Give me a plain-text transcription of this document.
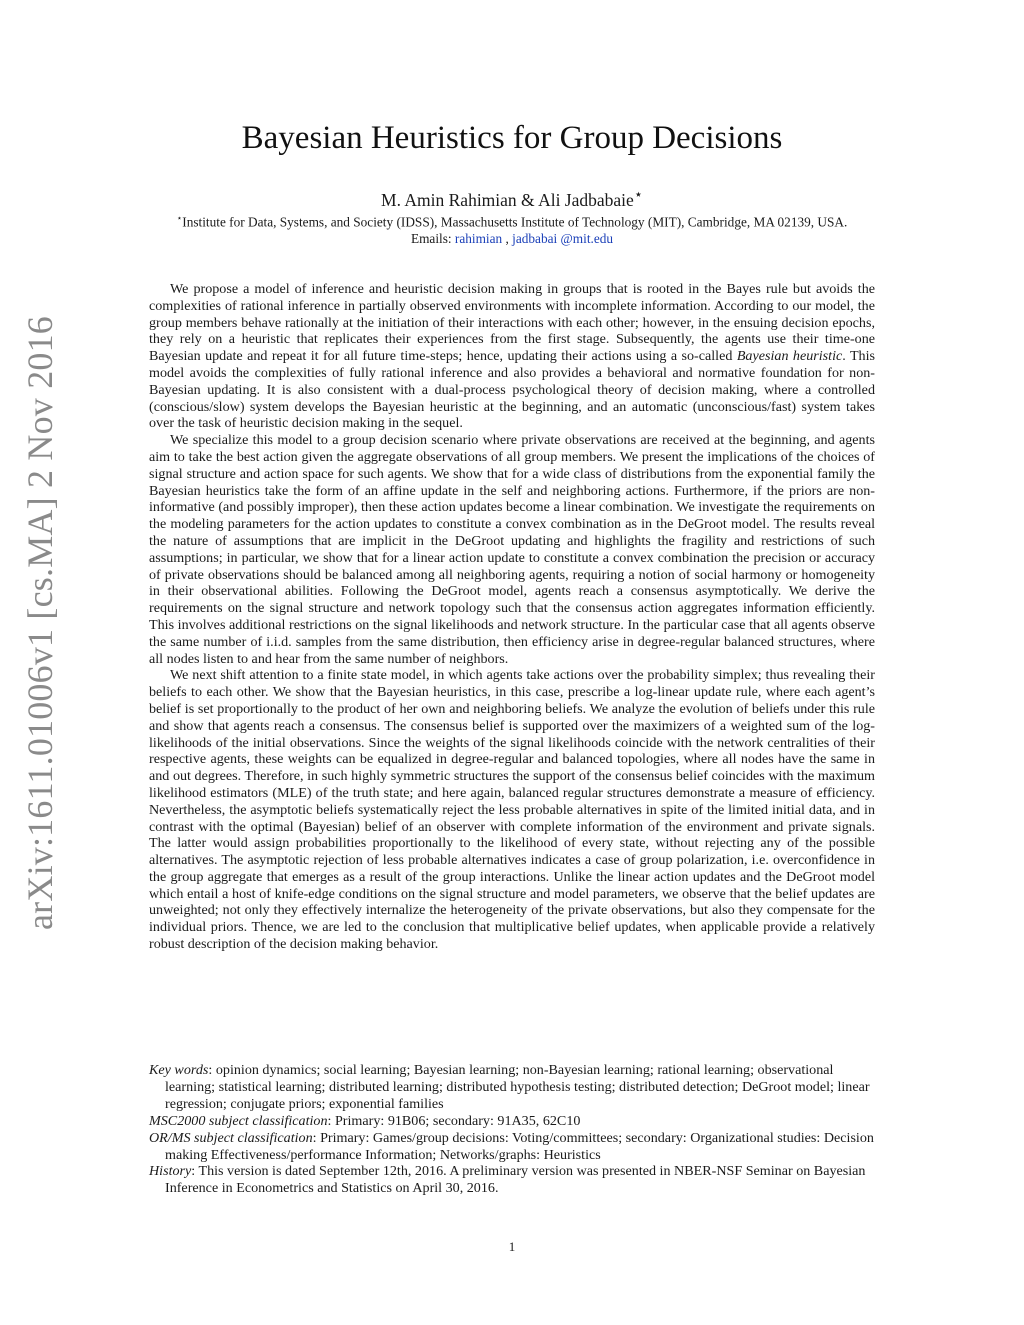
arXiv:1611.01006v1 [cs.MA] 2 Nov 2016
Bayesian Heuristics for Group Decisions
M. Amin Rahimian & Ali Jadbabaie⋆
⋆Institute for Data, Systems, and Society (IDSS), Massachusetts Institute of Technology (MIT), Cambridge, MA 02139, USA.
Emails: rahimian , jadbabai @mit.edu

We propose a model of inference and heuristic decision making in groups that is rooted in the Bayes rule but avoids the complexities of rational inference in partially observed environments with incomplete information. According to our model, the group members behave rationally at the initiation of their interactions with each other; however, in the ensuing decision epochs, they rely on a heuristic that replicates their experiences from the first stage. Subsequently, the agents use their time-one Bayesian update and repeat it for all future time-steps; hence, updating their actions using a so-called Bayesian heuristic. This model avoids the complexities of fully rational inference and also provides a behavioral and normative foundation for non-Bayesian updating. It is also consistent with a dual-process psychological theory of decision making, where a controlled (conscious/slow) system develops the Bayesian heuristic at the beginning, and an automatic (unconscious/fast) system takes over the task of heuristic decision making in the sequel.

We specialize this model to a group decision scenario where private observations are received at the beginning, and agents aim to take the best action given the aggregate observations of all group members. We present the implications of the choices of signal structure and action space for such agents. We show that for a wide class of distributions from the exponential family the Bayesian heuristics take the form of an affine update in the self and neighboring actions. Furthermore, if the priors are non-informative (and possibly improper), then these action updates become a linear combination. We investigate the requirements on the modeling parameters for the action updates to constitute a convex combination as in the DeGroot model. The results reveal the nature of assumptions that are implicit in the DeGroot updating and highlights the fragility and restrictions of such assumptions; in particular, we show that for a linear action update to constitute a convex combination the precision or accuracy of private observations should be balanced among all neighboring agents, requiring a notion of social harmony or homogeneity in their observational abilities. Following the DeGroot model, agents reach a consensus asymptotically. We derive the requirements on the signal structure and network topology such that the consensus action aggregates information efficiently. This involves additional restrictions on the signal likelihoods and network structure. In the particular case that all agents observe the same number of i.i.d. samples from the same distribution, then efficiency arise in degree-regular balanced structures, where all nodes listen to and hear from the same number of neighbors.

We next shift attention to a finite state model, in which agents take actions over the probability simplex; thus revealing their beliefs to each other. We show that the Bayesian heuristics, in this case, prescribe a log-linear update rule, where each agent’s belief is set proportionally to the product of her own and neighboring beliefs. We analyze the evolution of beliefs under this rule and show that agents reach a consensus. The consensus belief is supported over the maximizers of a weighted sum of the log-likelihoods of the initial observations. Since the weights of the signal likelihoods coincide with the network centralities of their respective agents, these weights can be equalized in degree-regular and balanced topologies, where all nodes have the same in and out degrees. Therefore, in such highly symmetric structures the support of the consensus belief coincides with the maximum likelihood estimators (MLE) of the truth state; and here again, balanced regular structures demonstrate a measure of efficiency. Nevertheless, the asymptotic beliefs systematically reject the less probable alternatives in spite of the limited initial data, and in contrast with the optimal (Bayesian) belief of an observer with complete information of the environment and private signals. The latter would assign probabilities proportionally to the likelihood of every state, without rejecting any of the possible alternatives. The asymptotic rejection of less probable alternatives indicates a case of group polarization, i.e. overconfidence in the group aggregate that emerges as a result of the group interactions. Unlike the linear action updates and the DeGroot model which entail a host of knife-edge conditions on the signal structure and model parameters, we observe that the belief updates are unweighted; not only they effectively internalize the heterogeneity of the private observations, but also they compensate for the individual priors. Thence, we are led to the conclusion that multiplicative belief updates, when applicable provide a relatively robust description of the decision making behavior.

Key words: opinion dynamics; social learning; Bayesian learning; non-Bayesian learning; rational learning; observational learning; statistical learning; distributed learning; distributed hypothesis testing; distributed detection; DeGroot model; linear regression; conjugate priors; exponential families

MSC2000 subject classification: Primary: 91B06; secondary: 91A35, 62C10

OR/MS subject classification: Primary: Games/group decisions: Voting/committees; secondary: Organizational studies: Decision making Effectiveness/performance Information; Networks/graphs: Heuristics

History: This version is dated September 12th, 2016. A preliminary version was presented in NBER-NSF Seminar on Bayesian Inference in Econometrics and Statistics on April 30, 2016.

1
